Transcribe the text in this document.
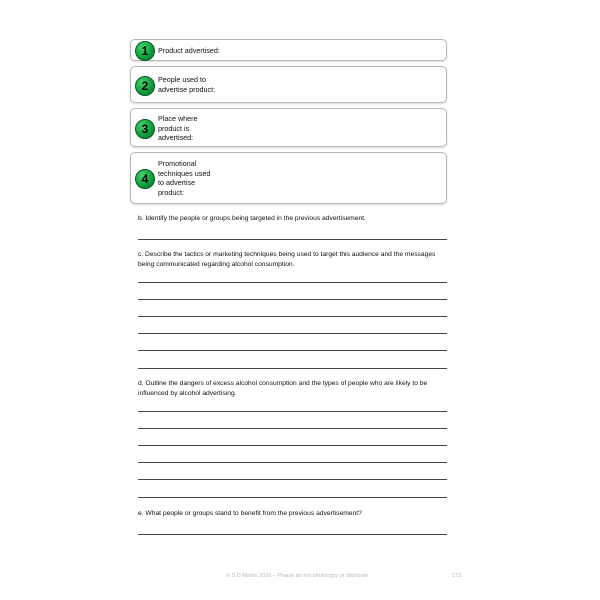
1	Product advertised:
2	People used to
advertise product:
3
Place where
product is
advertised:
4
Promotional
techniques used
to advertise
product:
b. Identify the people or groups being targeted in the previous advertisement.
c. Describe the tactics or marketing techniques being used to target this audience and the messages being communicated regarding alcohol consumption.
d. Outline the dangers of excess alcohol consumption and the types of people who are likely to be influenced by alcohol advertising.
e. What people or groups stand to benefit from the previous advertisement?
© S D Martin 2026 – Please do not photocopy or distribute	173
